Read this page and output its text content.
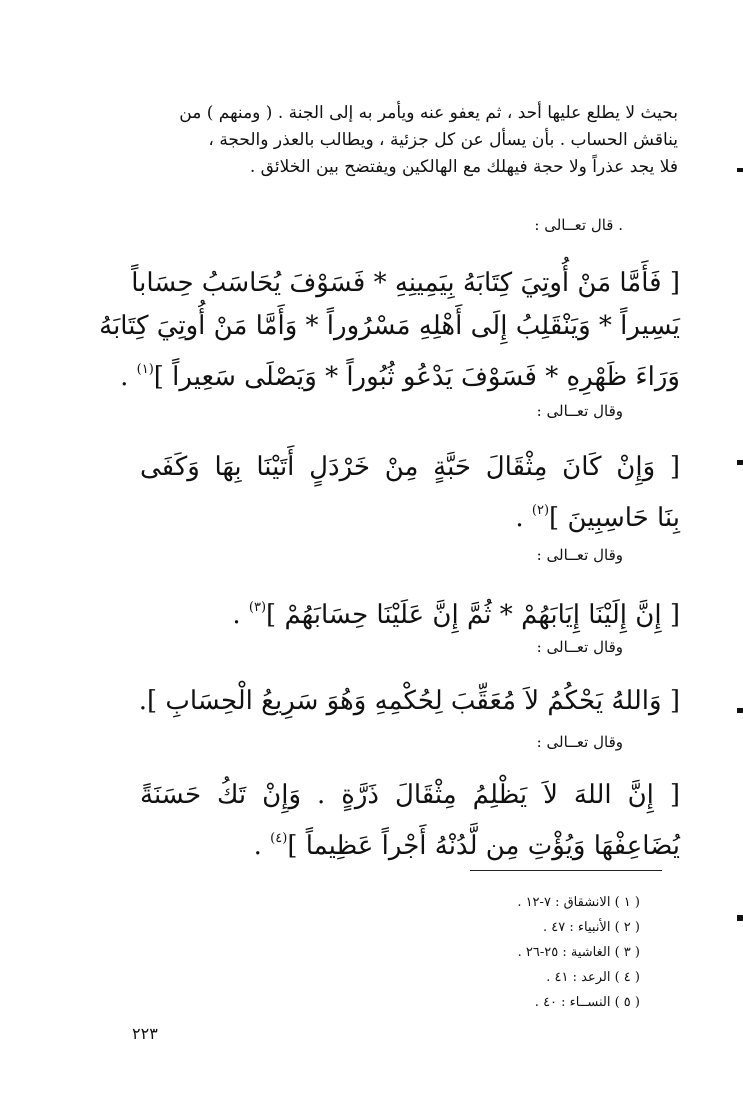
بحيث لا يطلع عليها أحد ، ثم يعفو عنه ويأمر به إلى الجنة . ( ومنهم ) من
يناقش الحساب . بأن يسأل عن كل جزئية ، ويطالب بالعذر والحجة ،
فلا يجد عذراً ولا حجة فيهلك مع الهالكين ويفتضح بين الخلائق .
. قال تعــالى :
[ فَأَمَّا مَنْ أُوتِيَ كِتَابَهُ بِيَمِينِهِ * فَسَوْفَ يُحَاسَبُ حِسَاباً
يَسِيراً * وَيَنْقَلِبُ إِلَى أَهْلِهِ مَسْرُوراً * وَأَمَّا مَنْ أُوتِيَ كِتَابَهُ
وَرَاءَ ظَهْرِهِ * فَسَوْفَ يَدْعُو ثُبُوراً * وَيَصْلَى سَعِيراً ]$^{(١)}$ .
وقال تعــالى :
[ وَإِنْ كَانَ مِثْقَالَ حَبَّةٍ مِنْ خَرْدَلٍ أَتَيْنَا بِهَا وَكَفَى
بِنَا حَاسِبِينَ ]$^{(٢)}$ .
وقال تعــالى :
[ إِنَّ إِلَيْنَا إِيَابَهُمْ * ثُمَّ إِنَّ عَلَيْنَا حِسَابَهُمْ ]$^{(٣)}$ .
وقال تعــالى :
[ وَاللهُ يَحْكُمُ لاَ مُعَقِّبَ لِحُكْمِهِ وَهُوَ سَرِيعُ الْحِسَابِ ].
وقال تعــالى :
[ إِنَّ اللهَ لاَ يَظْلِمُ مِثْقَالَ ذَرَّةٍ . وَإِنْ تَكُ حَسَنَةً
يُضَاعِفْهَا وَيُؤْتِ مِن لَّدُنْهُ أَجْراً عَظِيماً ]$^{(٤)}$ .
( ١ ) الانشقاق : ٧-١٢ .
( ٢ ) الأنبياء : ٤٧ .
( ٣ ) الغاشية : ٢٥-٢٦ .
( ٤ ) الرعد : ٤١ .
( ٥ ) النســاء : ٤٠ .
٢٢٣
